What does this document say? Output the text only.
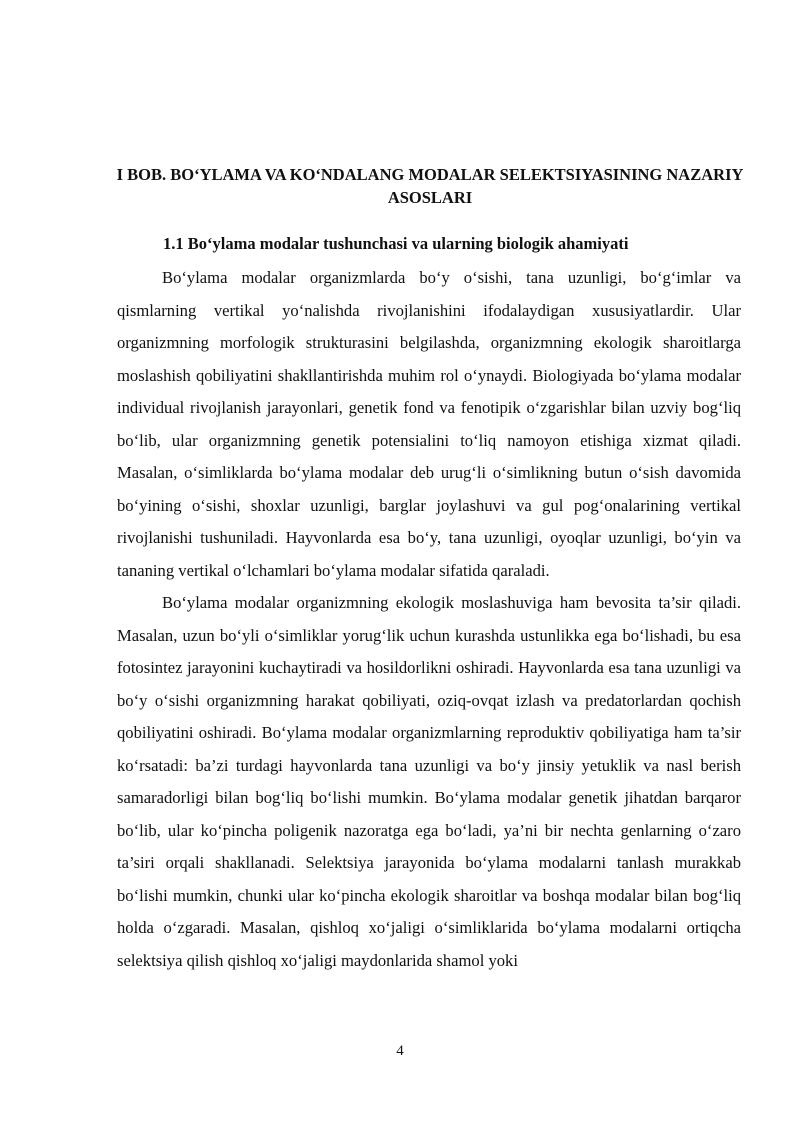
I BOB. BO‘YLAMA VA KO‘NDALANG MODALAR SELEKTSIYASINING NAZARIY ASOSLARI
1.1 Bo‘ylama modalar tushunchasi va ularning biologik ahamiyati

Bo‘ylama modalar organizmlarda bo‘y o‘sishi, tana uzunligi, bo‘g‘imlar va qismlarning vertikal yo‘nalishda rivojlanishini ifodalaydigan xususiyatlardir. Ular organizmning morfologik strukturasini belgilashda, organizmning ekologik sharoitlarga moslashish qobiliyatini shakllantirishda muhim rol o‘ynaydi. Biologiyada bo‘ylama modalar individual rivojlanish jarayonlari, genetik fond va fenotipik o‘zgarishlar bilan uzviy bog‘liq bo‘lib, ular organizmning genetik potensialini to‘liq namoyon etishiga xizmat qiladi. Masalan, o‘simliklarda bo‘ylama modalar deb urug‘li o‘simlikning butun o‘sish davomida bo‘yining o‘sishi, shoxlar uzunligi, barglar joylashuvi va gul pog‘onalarining vertikal rivojlanishi tushuniladi. Hayvonlarda esa bo‘y, tana uzunligi, oyoqlar uzunligi, bo‘yin va tananing vertikal o‘lchamlari bo‘ylama modalar sifatida qaraladi.

Bo‘ylama modalar organizmning ekologik moslashuviga ham bevosita ta’sir qiladi. Masalan, uzun bo‘yli o‘simliklar yorug‘lik uchun kurashda ustunlikka ega bo‘lishadi, bu esa fotosintez jarayonini kuchaytiradi va hosildorlikni oshiradi. Hayvonlarda esa tana uzunligi va bo‘y o‘sishi organizmning harakat qobiliyati, oziq-ovqat izlash va predatorlardan qochish qobiliyatini oshiradi. Bo‘ylama modalar organizmlarning reproduktiv qobiliyatiga ham ta’sir ko‘rsatadi: ba’zi turdagi hayvonlarda tana uzunligi va bo‘y jinsiy yetuklik va nasl berish samaradorligi bilan bog‘liq bo‘lishi mumkin. Bo‘ylama modalar genetik jihatdan barqaror bo‘lib, ular ko‘pincha poligenik nazoratga ega bo‘ladi, ya’ni bir nechta genlarning o‘zaro ta’siri orqali shakllanadi. Selektsiya jarayonida bo‘ylama modalarni tanlash murakkab bo‘lishi mumkin, chunki ular ko‘pincha ekologik sharoitlar va boshqa modalar bilan bog‘liq holda o‘zgaradi. Masalan, qishloq xo‘jaligi o‘simliklarida bo‘ylama modalarni ortiqcha selektsiya qilish qishloq xo‘jaligi maydonlarida shamol yoki

4
